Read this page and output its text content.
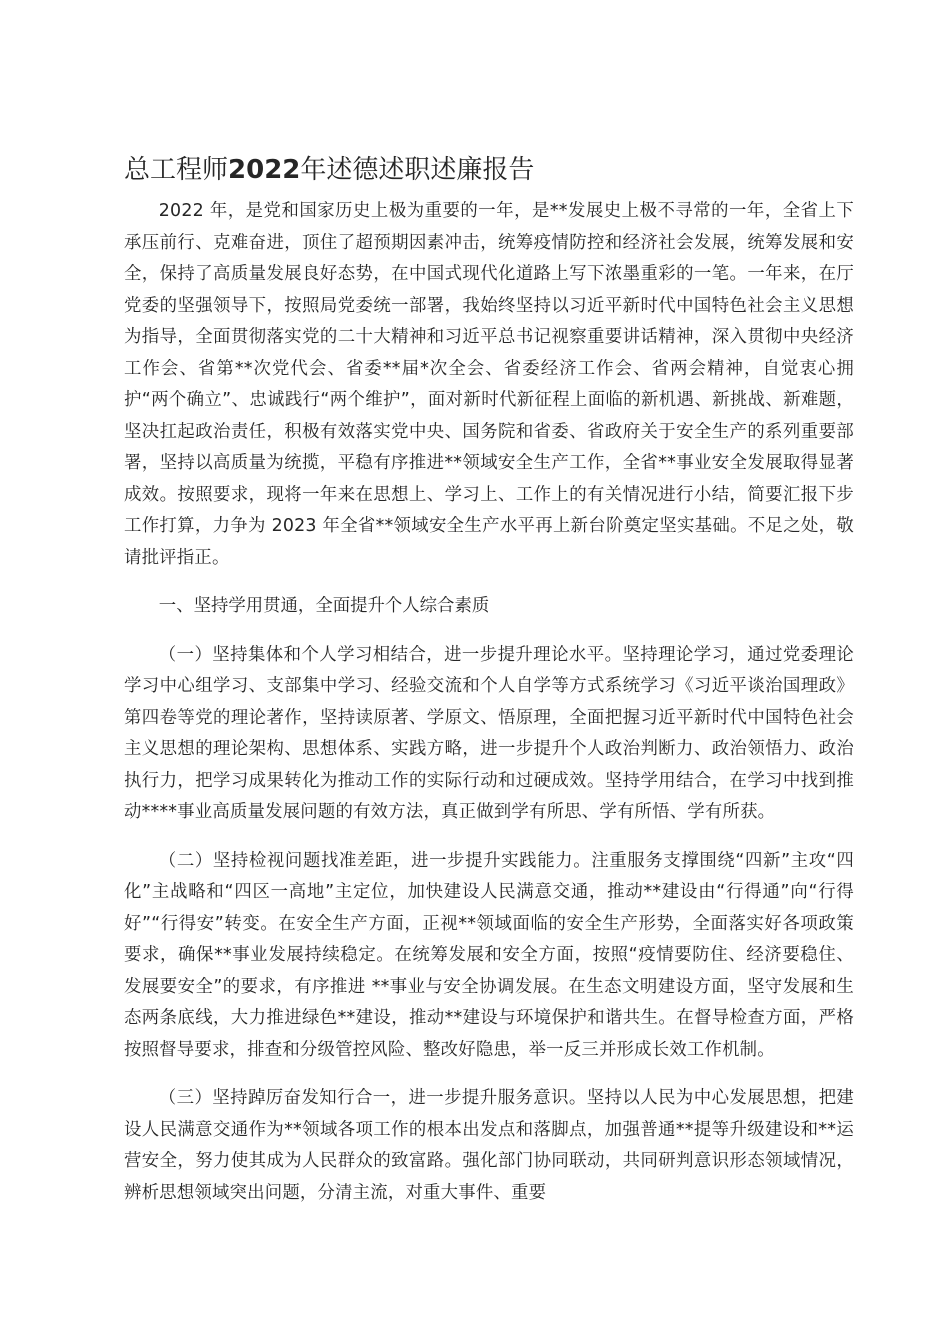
总工程师2022年述德述职述廉报告

2022 年，是党和国家历史上极为重要的一年，是**发展史上极不寻常的一年，全省上下承压前行、克难奋进，顶住了超预期因素冲击，统筹疫情防控和经济社会发展，统筹发展和安全，保持了高质量发展良好态势，在中国式现代化道路上写下浓墨重彩的一笔。一年来，在厅党委的坚强领导下，按照局党委统一部署，我始终坚持以习近平新时代中国特色社会主义思想为指导，全面贯彻落实党的二十大精神和习近平总书记视察重要讲话精神，深入贯彻中央经济工作会、省第**次党代会、省委**届*次全会、省委经济工作会、省两会精神，自觉衷心拥护“两个确立”、忠诚践行“两个维护”，面对新时代新征程上面临的新机遇、新挑战、新难题，坚决扛起政治责任，积极有效落实党中央、国务院和省委、省政府关于安全生产的系列重要部署，坚持以高质量为统揽，平稳有序推进**领域安全生产工作，全省**事业安全发展取得显著成效。按照要求，现将一年来在思想上、学习上、工作上的有关情况进行小结，简要汇报下步工作打算，力争为 2023 年全省**领域安全生产水平再上新台阶奠定坚实基础。不足之处，敬请批评指正。

一、坚持学用贯通，全面提升个人综合素质

（一）坚持集体和个人学习相结合，进一步提升理论水平。坚持理论学习，通过党委理论学习中心组学习、支部集中学习、经验交流和个人自学等方式系统学习《习近平谈治国理政》第四卷等党的理论著作，坚持读原著、学原文、悟原理，全面把握习近平新时代中国特色社会主义思想的理论架构、思想体系、实践方略，进一步提升个人政治判断力、政治领悟力、政治执行力，把学习成果转化为推动工作的实际行动和过硬成效。坚持学用结合，在学习中找到推动****事业高质量发展问题的有效方法，真正做到学有所思、学有所悟、学有所获。

（二）坚持检视问题找准差距，进一步提升实践能力。注重服务支撑围绕“四新”主攻“四化”主战略和“四区一高地”主定位，加快建设人民满意交通，推动**建设由“行得通”向“行得好”“行得安”转变。在安全生产方面，正视**领域面临的安全生产形势，全面落实好各项政策要求，确保**事业发展持续稳定。在统筹发展和安全方面，按照“疫情要防住、经济要稳住、发展要安全”的要求，有序推进 **事业与安全协调发展。在生态文明建设方面，坚守发展和生态两条底线，大力推进绿色**建设，推动**建设与环境保护和谐共生。在督导检查方面，严格按照督导要求，排查和分级管控风险、整改好隐患，举一反三并形成长效工作机制。

（三）坚持踔厉奋发知行合一，进一步提升服务意识。坚持以人民为中心发展思想，把建设人民满意交通作为**领域各项工作的根本出发点和落脚点，加强普通**提等升级建设和**运营安全，努力使其成为人民群众的致富路。强化部门协同联动，共同研判意识形态领域情况，辨析思想领域突出问题，分清主流，对重大事件、重要
